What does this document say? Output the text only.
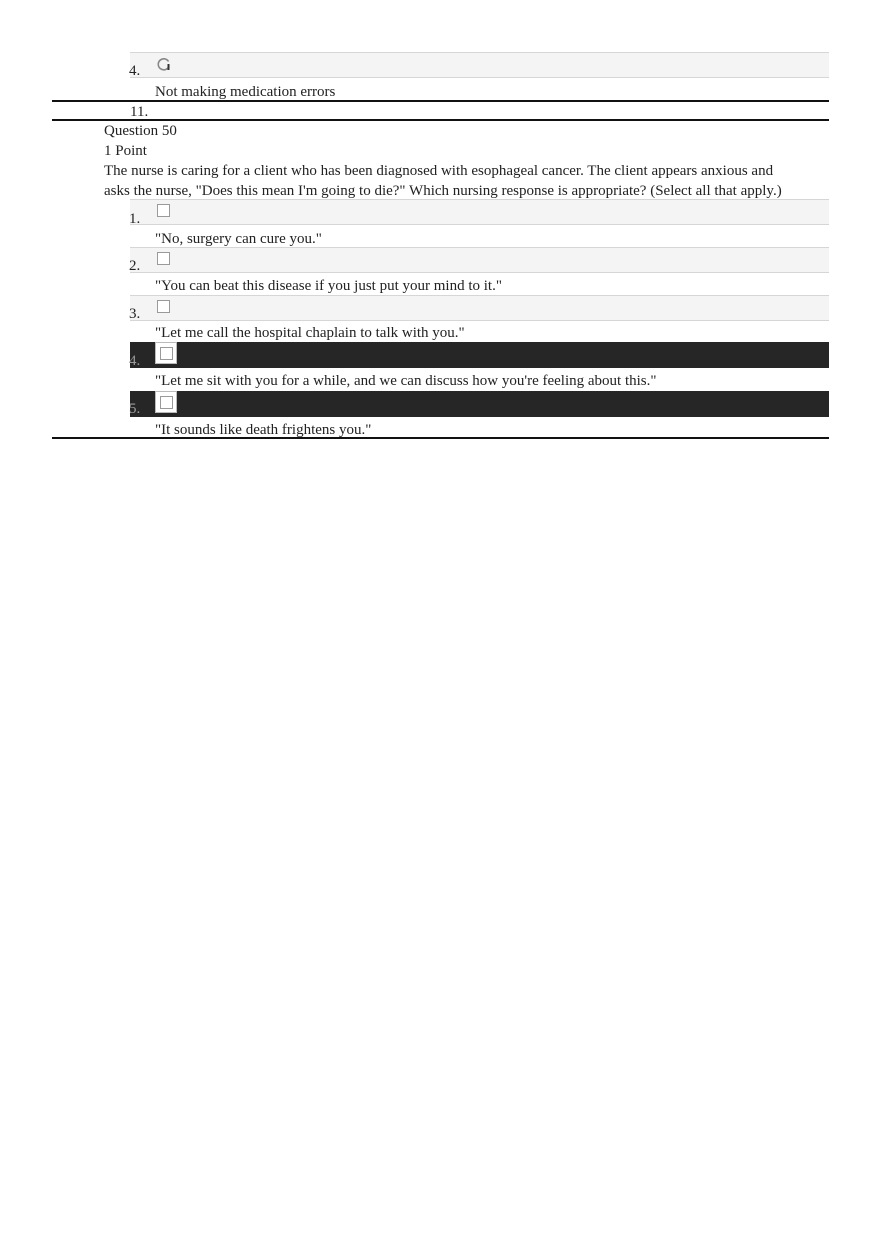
4.
Not making medication errors
11.
Question 50
1 Point
The nurse is caring for a client who has been diagnosed with esophageal cancer. The client appears anxious and
asks the nurse, "Does this mean I'm going to die?" Which nursing response is appropriate? (Select all that apply.)
1.
"No, surgery can cure you."
2.
"You can beat this disease if you just put your mind to it."
3.
"Let me call the hospital chaplain to talk with you."
4.
"Let me sit with you for a while, and we can discuss how you're feeling about this."
5.
"It sounds like death frightens you."
